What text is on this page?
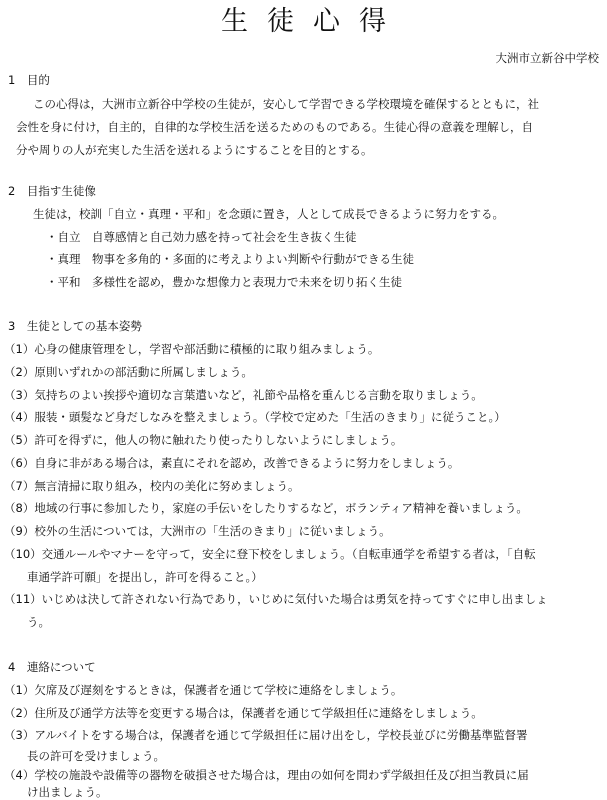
生徒心得
大洲市立新谷中学校
1　目的
この心得は，大洲市立新谷中学校の生徒が，安心して学習できる学校環境を確保するとともに，社
会性を身に付け，自主的，自律的な学校生活を送るためのものである。生徒心得の意義を理解し，自
分や周りの人が充実した生活を送れるようにすることを目的とする。
2　目指す生徒像
生徒は，校訓「自立・真理・平和」を念頭に置き，人として成長できるように努力をする。
・自立　自尊感情と自己効力感を持って社会を生き抜く生徒
・真理　物事を多角的・多面的に考えよりよい判断や行動ができる生徒
・平和　多様性を認め，豊かな想像力と表現力で未来を切り拓く生徒
3　生徒としての基本姿勢
（1）心身の健康管理をし，学習や部活動に積極的に取り組みましょう。
（2）原則いずれかの部活動に所属しましょう。
（3）気持ちのよい挨拶や適切な言葉遣いなど，礼節や品格を重んじる言動を取りましょう。
（4）服装・頭髪など身だしなみを整えましょう。（学校で定めた「生活のきまり」に従うこと。）
（5）許可を得ずに，他人の物に触れたり使ったりしないようにしましょう。
（6）自身に非がある場合は，素直にそれを認め，改善できるように努力をしましょう。
（7）無言清掃に取り組み，校内の美化に努めましょう。
（8）地域の行事に参加したり，家庭の手伝いをしたりするなど，ボランティア精神を養いましょう。
（9）校外の生活については，大洲市の「生活のきまり」に従いましょう。
（10）交通ルールやマナーを守って，安全に登下校をしましょう。（自転車通学を希望する者は，「自転
　　車通学許可願」を提出し，許可を得ること。）
（11）いじめは決して許されない行為であり，いじめに気付いた場合は勇気を持ってすぐに申し出ましょ
　　う。
4　連絡について
（1）欠席及び遅刻をするときは，保護者を通じて学校に連絡をしましょう。
（2）住所及び通学方法等を変更する場合は，保護者を通じて学級担任に連絡をしましょう。
（3）アルバイトをする場合は，保護者を通じて学級担任に届け出をし，学校長並びに労働基準監督署
　　長の許可を受けましょう。
（4）学校の施設や設備等の器物を破損させた場合は，理由の如何を問わず学級担任及び担当教員に届
　　け出ましょう。
